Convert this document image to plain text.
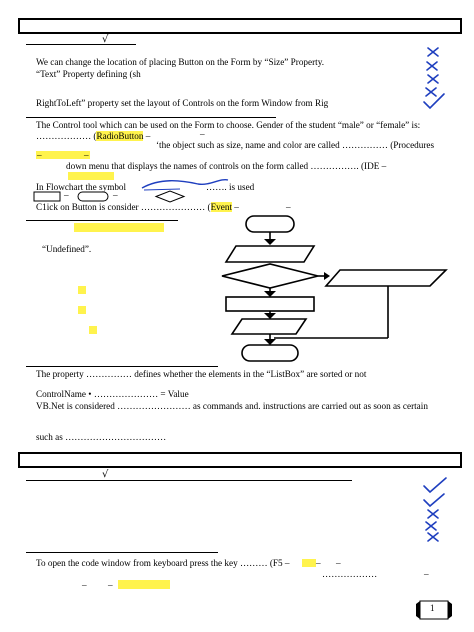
√
We can change the location of placing Button on the Form by “Size” Property.
“Text” Property defining (sh
RightToLeft” property set the layout of Controls on the form Window from Rig
The Control tool which can be used on the Form to choose. Gender of the student “male” or “female” is:
……………… (RadioButton –	–
‘the object such as size, name and color are called …………… (Procedures
–	–
down menu that displays the names of controls on the form called ……………. (IDE –
In Flowchart the symbol	……. is used
–	–
C1ick on Button is consider ………………… (Event –	–
“Undefined”.
The property …………… defines whether the elements in the “ListBox” are sorted or not
ControlName • ………………… = Value
VB.Net is considered …………………… as commands and. instructions are carried out as soon as certain
such as ……………………………
√
To open the code window from keyboard press the key ……… (F5 –	– –
………………	–
– –
1
